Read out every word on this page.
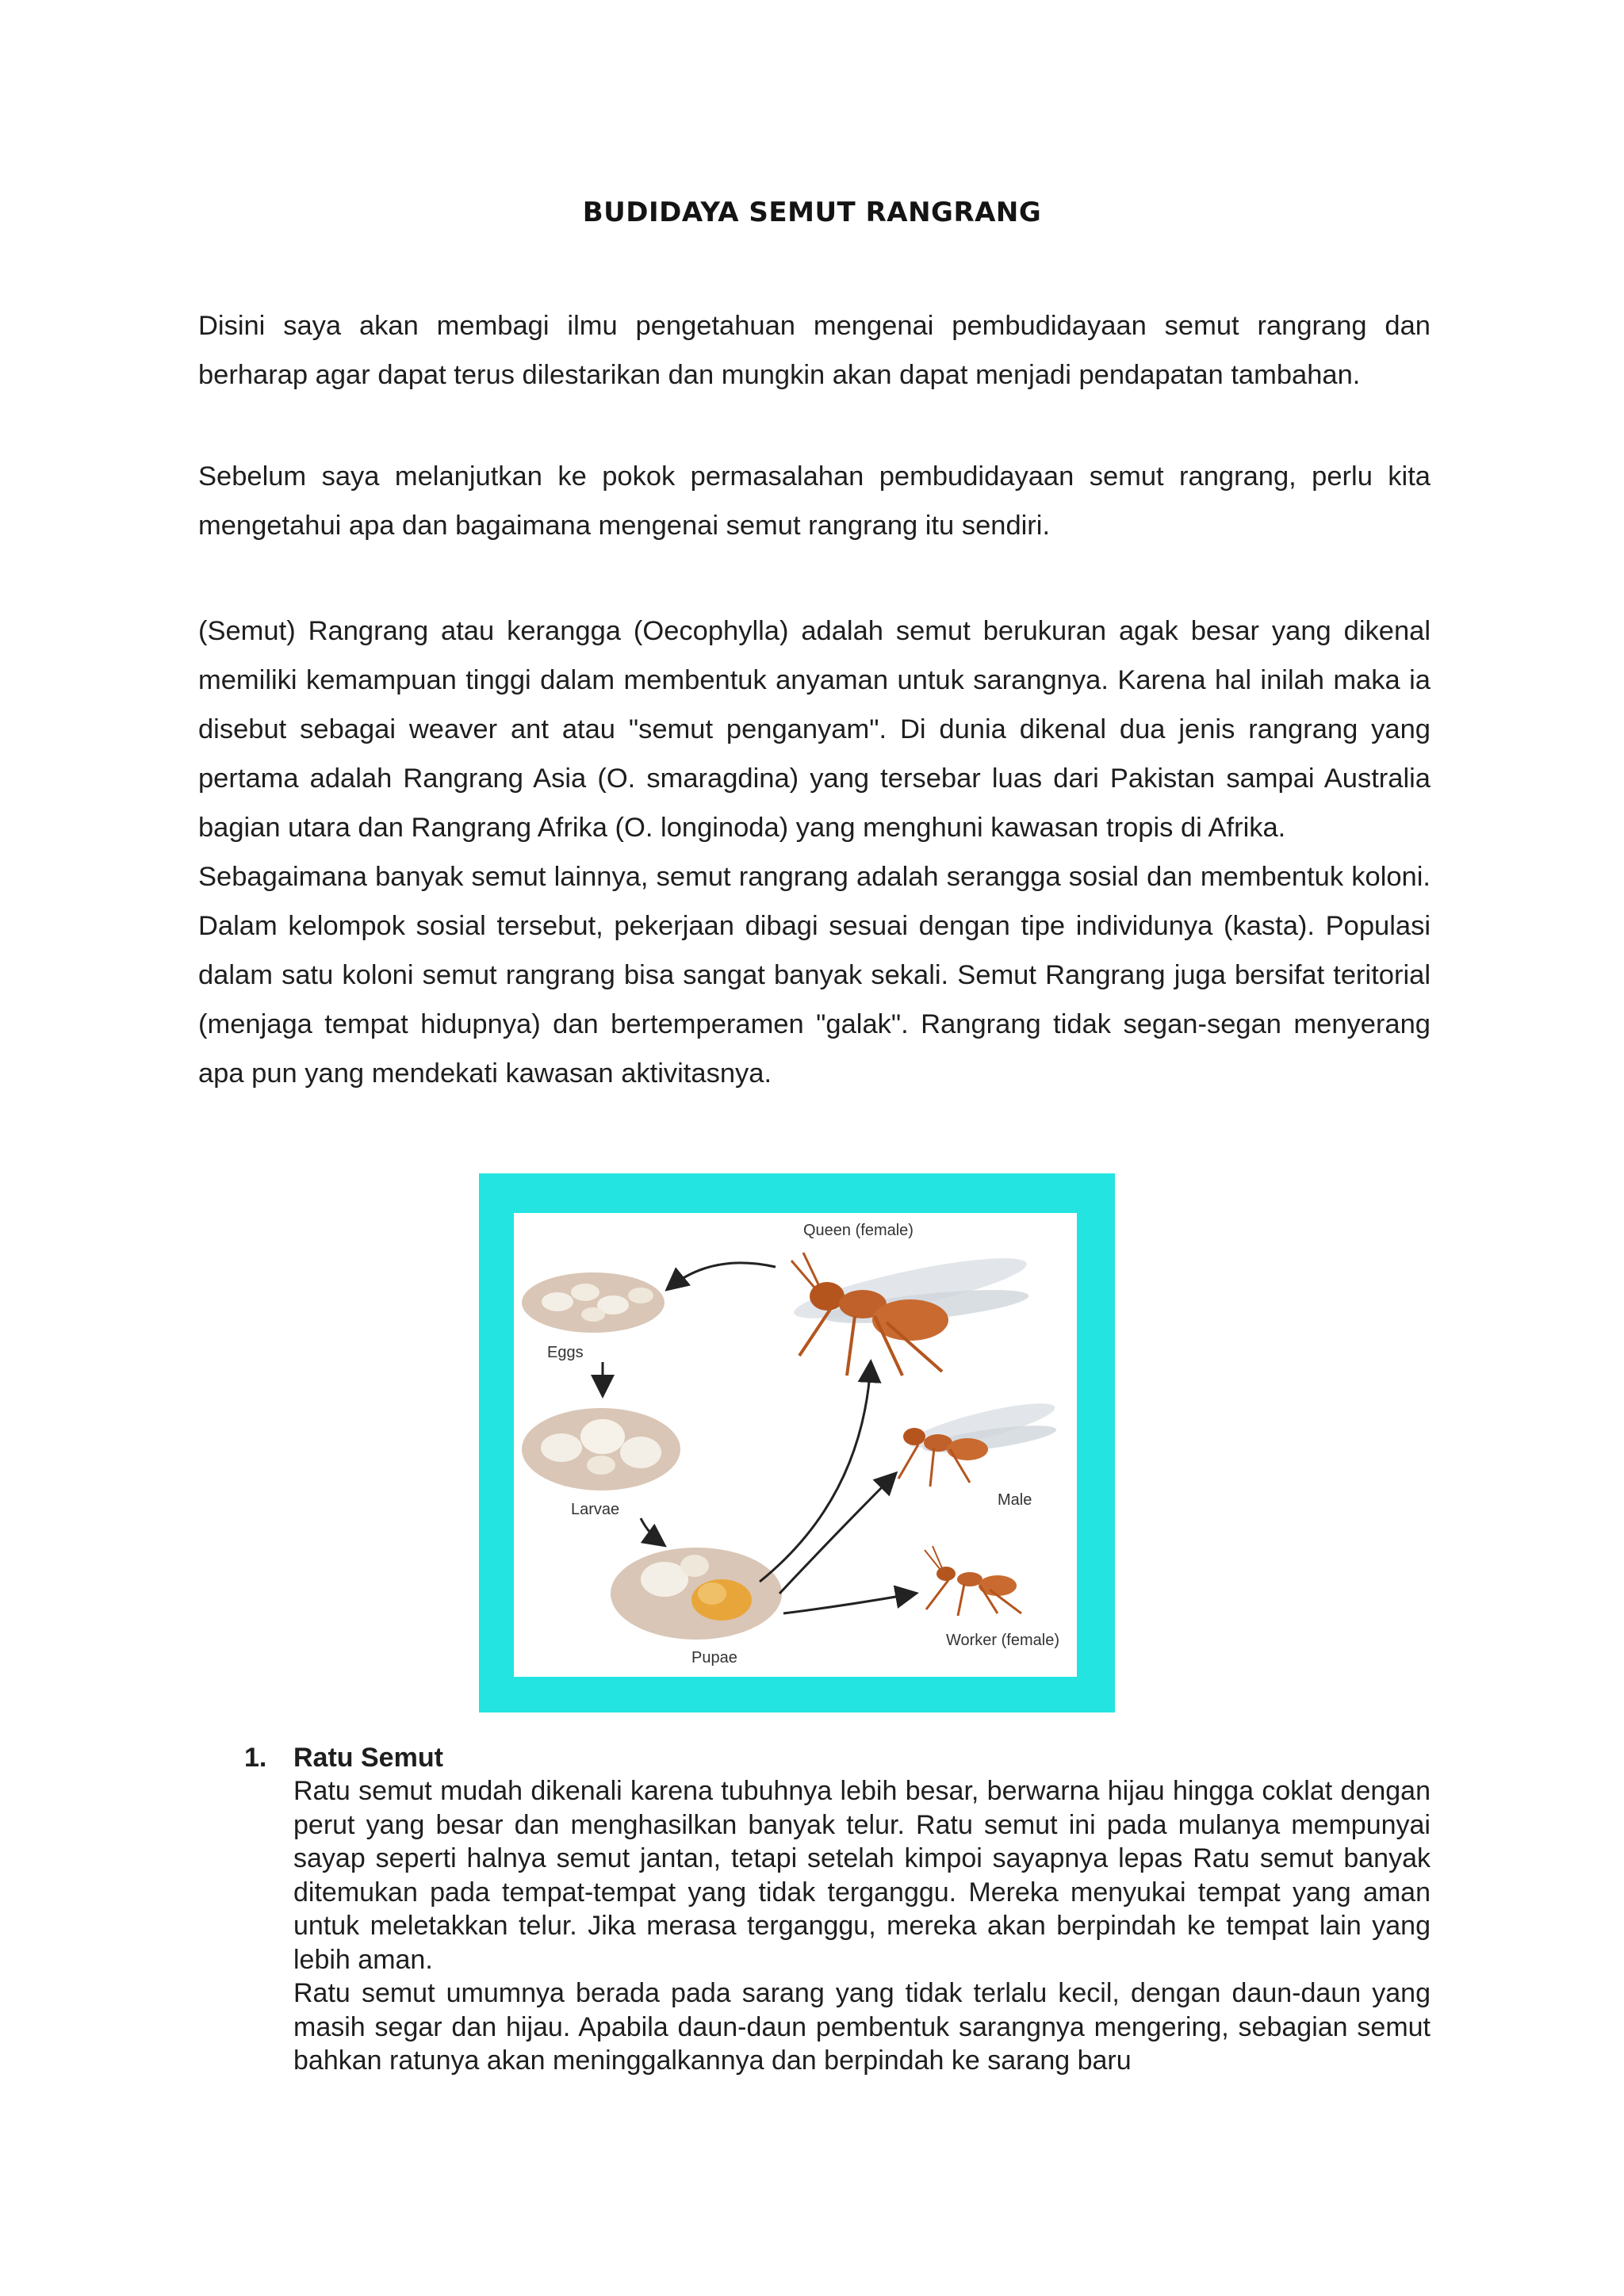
BUDIDAYA SEMUT RANGRANG

Disini saya akan membagi ilmu pengetahuan mengenai pembudidayaan semut rangrang dan berharap agar dapat terus dilestarikan dan mungkin akan dapat menjadi pendapatan tambahan.

Sebelum saya melanjutkan ke pokok permasalahan pembudidayaan semut rangrang, perlu kita mengetahui apa dan bagaimana mengenai semut rangrang itu sendiri.

(Semut) Rangrang atau kerangga (Oecophylla) adalah semut berukuran agak besar yang dikenal memiliki kemampuan tinggi dalam membentuk anyaman untuk sarangnya. Karena hal inilah maka ia disebut sebagai weaver ant atau "semut penganyam". Di dunia dikenal dua jenis rangrang yang pertama adalah Rangrang Asia (O. smaragdina) yang tersebar luas dari Pakistan sampai Australia bagian utara dan Rangrang Afrika (O. longinoda) yang menghuni kawasan tropis di Afrika.

Sebagaimana banyak semut lainnya, semut rangrang adalah serangga sosial dan membentuk koloni. Dalam kelompok sosial tersebut, pekerjaan dibagi sesuai dengan tipe individunya (kasta). Populasi dalam satu koloni semut rangrang bisa sangat banyak sekali. Semut Rangrang juga bersifat teritorial (menjaga tempat hidupnya) dan bertemperamen "galak". Rangrang tidak segan-segan menyerang apa pun yang mendekati kawasan aktivitasnya.

Eggs
Larvae
Pupae
Queen (female)
Male
Worker (female)
1. Ratu Semut

Ratu semut mudah dikenali karena tubuhnya lebih besar, berwarna hijau hingga coklat dengan perut yang besar dan menghasilkan banyak telur. Ratu semut ini pada mulanya mempunyai sayap seperti halnya semut jantan, tetapi setelah kimpoi sayapnya lepas Ratu semut banyak ditemukan pada tempat-tempat yang tidak terganggu. Mereka menyukai tempat yang aman untuk meletakkan telur. Jika merasa terganggu, mereka akan berpindah ke tempat lain yang lebih aman.

Ratu semut umumnya berada pada sarang yang tidak terlalu kecil, dengan daun-daun yang masih segar dan hijau. Apabila daun-daun pembentuk sarangnya mengering, sebagian semut bahkan ratunya akan meninggalkannya dan berpindah ke sarang baru
